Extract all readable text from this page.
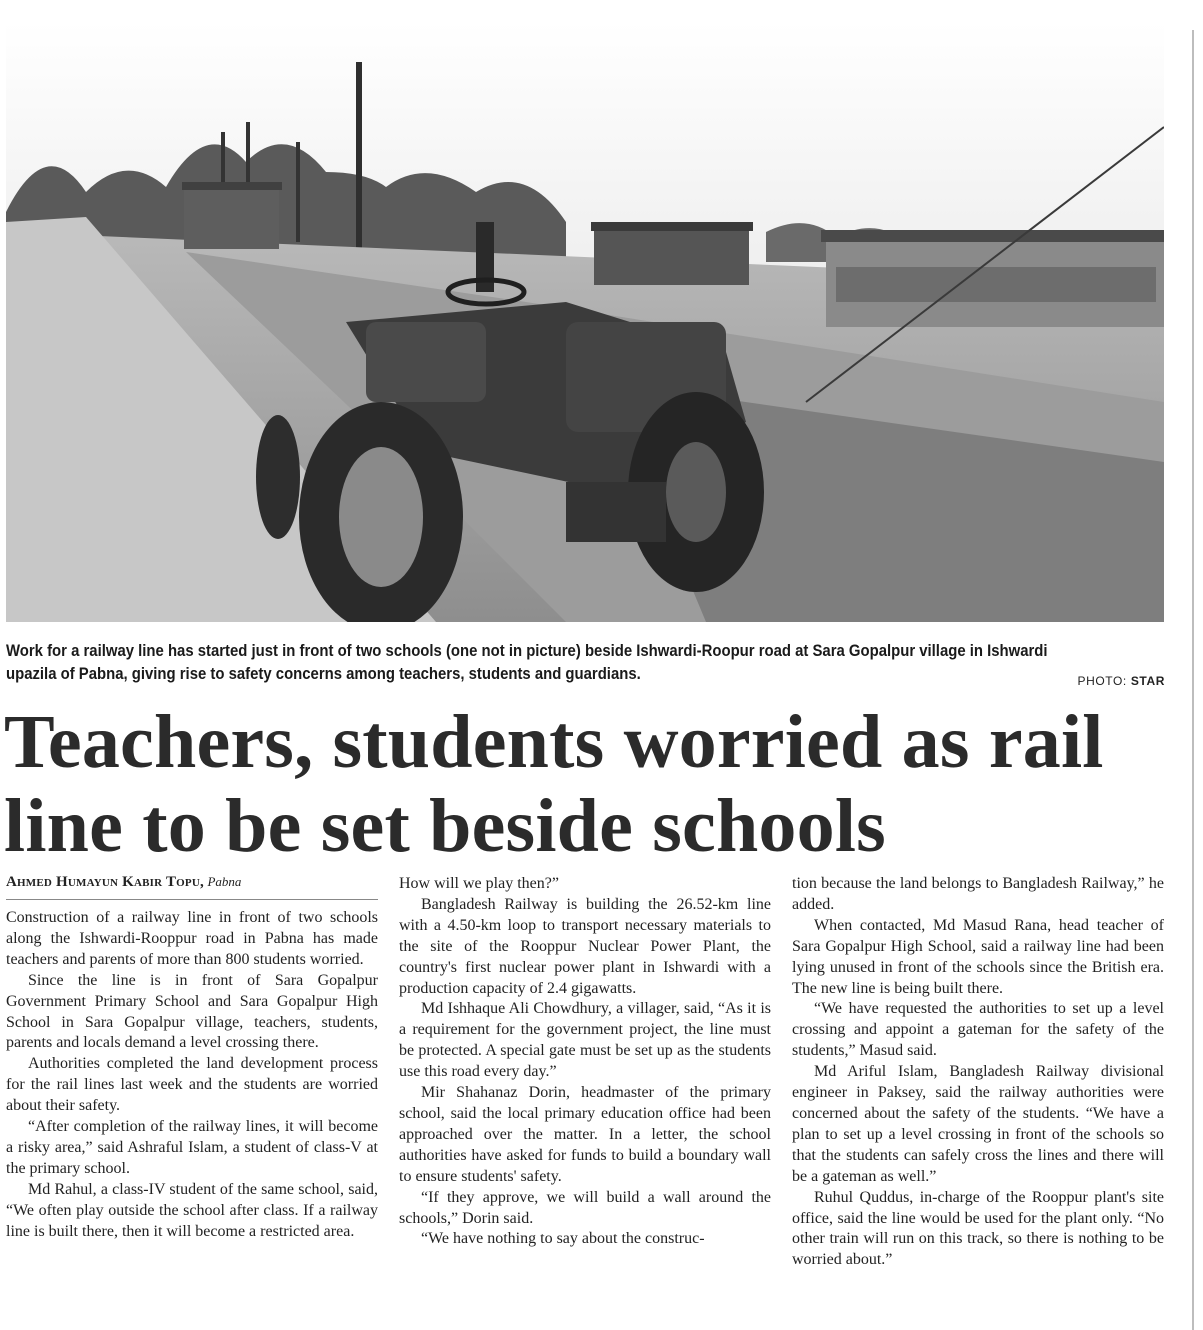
Work for a railway line has started just in front of two schools (one not in picture) beside Ishwardi-Roopur road at Sara Gopalpur village in Ishwardi upazila of Pabna, giving rise to safety concerns among teachers, students and guardians.	PHOTO: STAR
Teachers, students worried as rail line to be set beside schools
Ahmed Humayun Kabir Topu, Pabna

Construction of a railway line in front of two schools along the Ishwardi-Rooppur road in Pabna has made teachers and parents of more than 800 students worried.

Since the line is in front of Sara Gopalpur Government Primary School and Sara Gopalpur High School in Sara Gopalpur village, teachers, students, parents and locals demand a level crossing there.

Authorities completed the land development process for the rail lines last week and the students are worried about their safety.

“After completion of the railway lines, it will become a risky area,” said Ashraful Islam, a student of class-V at the primary school.

Md Rahul, a class-IV student of the same school, said, “We often play outside the school after class. If a railway line is built there, then it will become a restricted area.

How will we play then?”

Bangladesh Railway is building the 26.52-km line with a 4.50-km loop to transport necessary materials to the site of the Rooppur Nuclear Power Plant, the country's first nuclear power plant in Ishwardi with a production capacity of 2.4 gigawatts.

Md Ishhaque Ali Chowdhury, a villager, said, “As it is a requirement for the government project, the line must be protected. A special gate must be set up as the students use this road every day.”

Mir Shahanaz Dorin, headmaster of the primary school, said the local primary education office had been approached over the matter. In a letter, the school authorities have asked for funds to build a boundary wall to ensure students' safety.

“If they approve, we will build a wall around the schools,” Dorin said.

“We have nothing to say about the construc-

tion because the land belongs to Bangladesh Railway,” he added.

When contacted, Md Masud Rana, head teacher of Sara Gopalpur High School, said a railway line had been lying unused in front of the schools since the British era. The new line is being built there.

“We have requested the authorities to set up a level crossing and appoint a gateman for the safety of the students,” Masud said.

Md Ariful Islam, Bangladesh Railway divisional engineer in Paksey, said the railway authorities were concerned about the safety of the students. “We have a plan to set up a level crossing in front of the schools so that the students can safely cross the lines and there will be a gateman as well.”

Ruhul Quddus, in-charge of the Rooppur plant's site office, said the line would be used for the plant only. “No other train will run on this track, so there is nothing to be worried about.”
